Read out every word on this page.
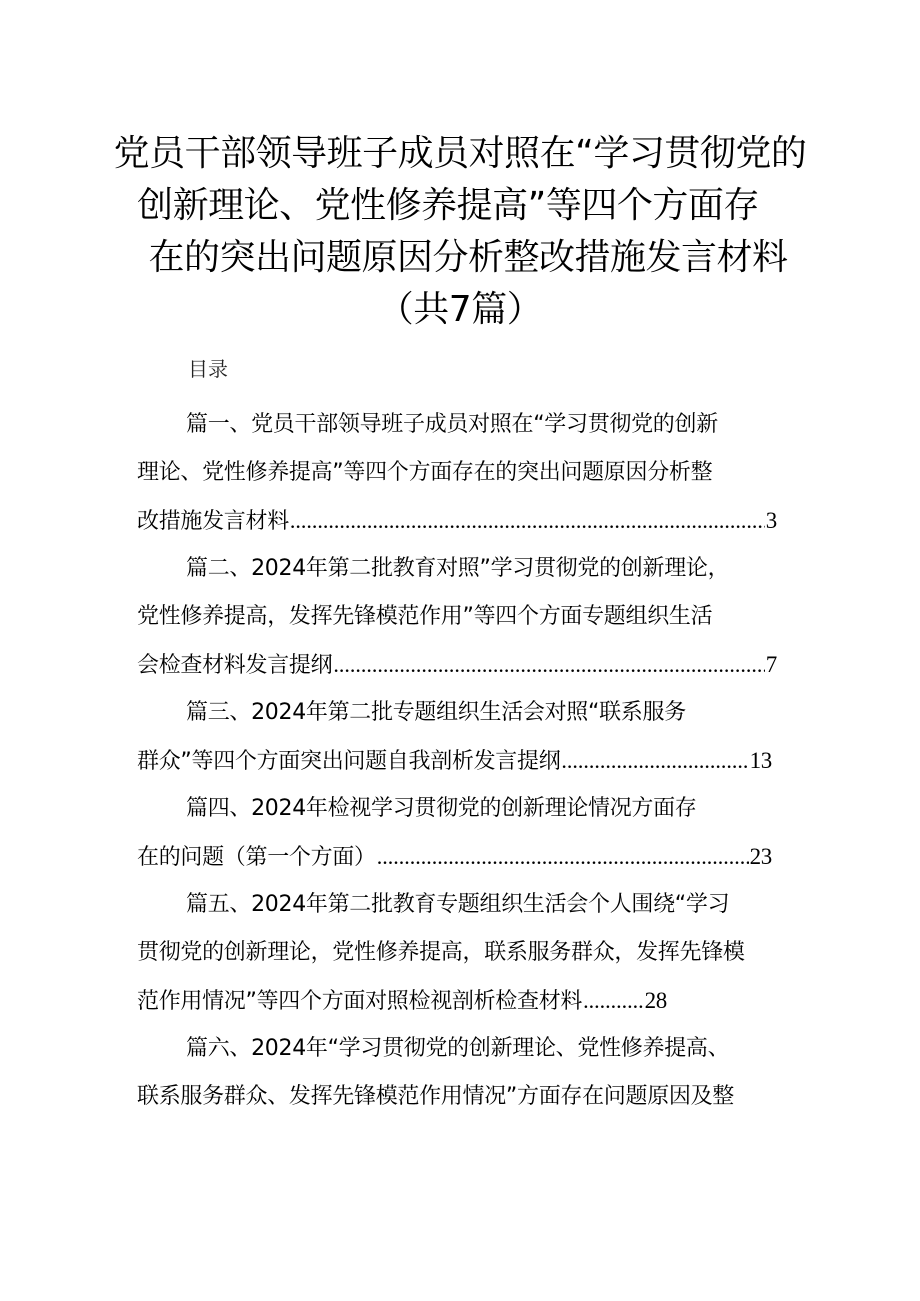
党员干部领导班子成员对照在“学习贯彻党的
创新理论、党性修养提高”等四个方面存
在的突出问题原因分析整改措施发言材料
（共7篇）
目录
篇一、党员干部领导班子成员对照在“学习贯彻党的创新
理论、党性修养提高”等四个方面存在的突出问题原因分析整
改措施发言材料 .....	3
篇二、2024年第二批教育对照”学习贯彻党的创新理论，
党性修养提高，发挥先锋模范作用”等四个方面专题组织生活
会检查材料发言提纲 .....	7
篇三、2024年第二批专题组织生活会对照“联系服务
群众”等四个方面突出问题自我剖析发言提纲 .....	13
篇四、2024年检视学习贯彻党的创新理论情况方面存
在的问题（第一个方面） .....	23
篇五、2024年第二批教育专题组织生活会个人围绕“学习
贯彻党的创新理论，党性修养提高，联系服务群众，发挥先锋模
范作用情况”等四个方面对照检视剖析检查材料 .....	28
篇六、2024年“学习贯彻党的创新理论、党性修养提高、
联系服务群众、发挥先锋模范作用情况”方面存在问题原因及整
